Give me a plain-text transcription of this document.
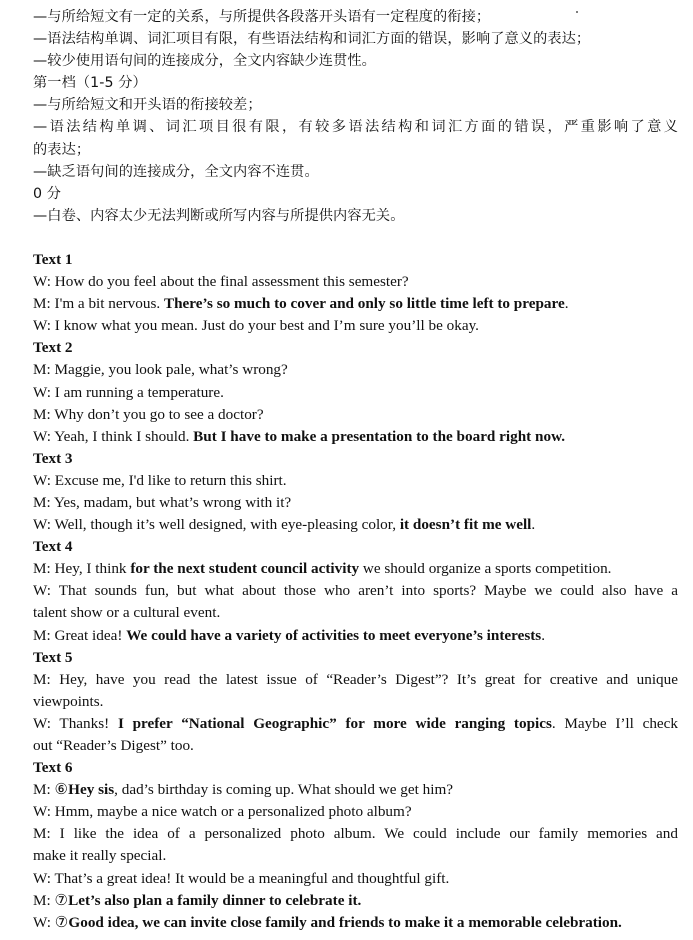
—与所给短文有一定的关系，与所提供各段落开头语有一定程度的衔接；
—语法结构单调、词汇项目有限，有些语法结构和词汇方面的错误，影响了意义的表达；
—较少使用语句间的连接成分，全文内容缺少连贯性。
第一档（1-5 分）
—与所给短文和开头语的衔接较差；
—语法结构单调、词汇项目很有限，有较多语法结构和词汇方面的错误，严重影响了意义
的表达；
—缺乏语句间的连接成分，全文内容不连贯。
0 分
—白卷、内容太少无法判断或所写内容与所提供内容无关。
Text 1
W: How do you feel about the final assessment this semester?
M: I'm a bit nervous. There’s so much to cover and only so little time left to prepare.
W: I know what you mean. Just do your best and I’m sure you’ll be okay.
Text 2
M: Maggie, you look pale, what’s wrong?
W: I am running a temperature.
M: Why don’t you go to see a doctor?
W: Yeah, I think I should. But I have to make a presentation to the board right now.
Text 3
W: Excuse me, I'd like to return this shirt.
M: Yes, madam, but what’s wrong with it?
W: Well, though it’s well designed, with eye-pleasing color, it doesn’t fit me well.
Text 4
M: Hey, I think for the next student council activity we should organize a sports competition.
W: That sounds fun, but what about those who aren’t into sports? Maybe we could also have a
talent show or a cultural event.
M: Great idea! We could have a variety of activities to meet everyone’s interests.
Text 5
M: Hey, have you read the latest issue of “Reader’s Digest”? It’s great for creative and unique
viewpoints.
W: Thanks! I prefer “National Geographic” for more wide ranging topics. Maybe I’ll check
out “Reader’s Digest” too.
Text 6
M: ⑥Hey sis, dad’s birthday is coming up. What should we get him?
W: Hmm, maybe a nice watch or a personalized photo album?
M: I like the idea of a personalized photo album. We could include our family memories and
make it really special.
W: That’s a great idea! It would be a meaningful and thoughtful gift.
M: ⑦Let’s also plan a family dinner to celebrate it.
W: ⑦Good idea, we can invite close family and friends to make it a memorable celebration.
